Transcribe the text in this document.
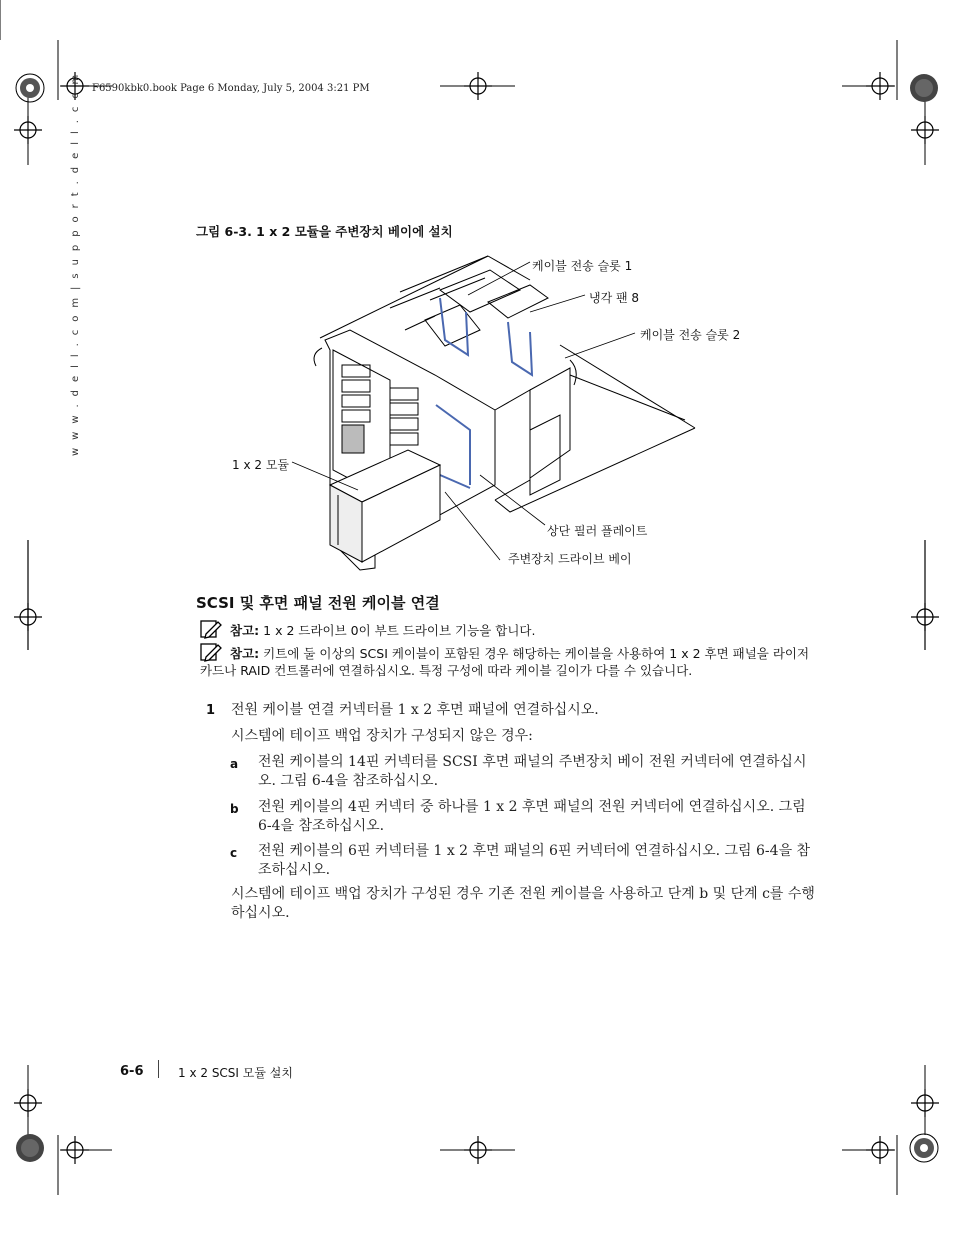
F6590kbk0.book Page 6 Monday, July 5, 2004 3:21 PM
w w w . d e l l . c o m | s u p p o r t . d e l l . c o m	그림 6-3. 1 x 2 모듈을 주변장치 베이에 설치
케이블 전송 슬롯 1
냉각 팬 8
케이블 전송 슬롯 2
1 x 2 모듈
상단 필러 플레이트
주변장치 드라이브 베이
SCSI 및 후면 패널 전원 케이블 연결
참고: 1 x 2 드라이브 0이 부트 드라이브 기능을 합니다.
참고: 키트에 둘 이상의 SCSI 케이블이 포함된 경우 해당하는 케이블을 사용하여 1 x 2 후면 패널을 라이저 카드나 RAID 컨트롤러에 연결하십시오. 특정 구성에 따라 케이블 길이가 다를 수 있습니다.
1 전원 케이블 연결 커넥터를 1 x 2 후면 패널에 연결하십시오.
시스템에 테이프 백업 장치가 구성되지 않은 경우:
a 전원 케이블의 14핀 커넥터를 SCSI 후면 패널의 주변장치 베이 전원 커넥터에 연결하십시오. 그림 6-4을 참조하십시오.
b 전원 케이블의 4핀 커넥터 중 하나를 1 x 2 후면 패널의 전원 커넥터에 연결하십시오. 그림 6-4을 참조하십시오.
c 전원 케이블의 6핀 커넥터를 1 x 2 후면 패널의 6핀 커넥터에 연결하십시오. 그림 6-4을 참조하십시오.
시스템에 테이프 백업 장치가 구성된 경우 기존 전원 케이블을 사용하고 단계 b 및 단계 c를 수행하십시오.
6-6	1 x 2 SCSI 모듈 설치
